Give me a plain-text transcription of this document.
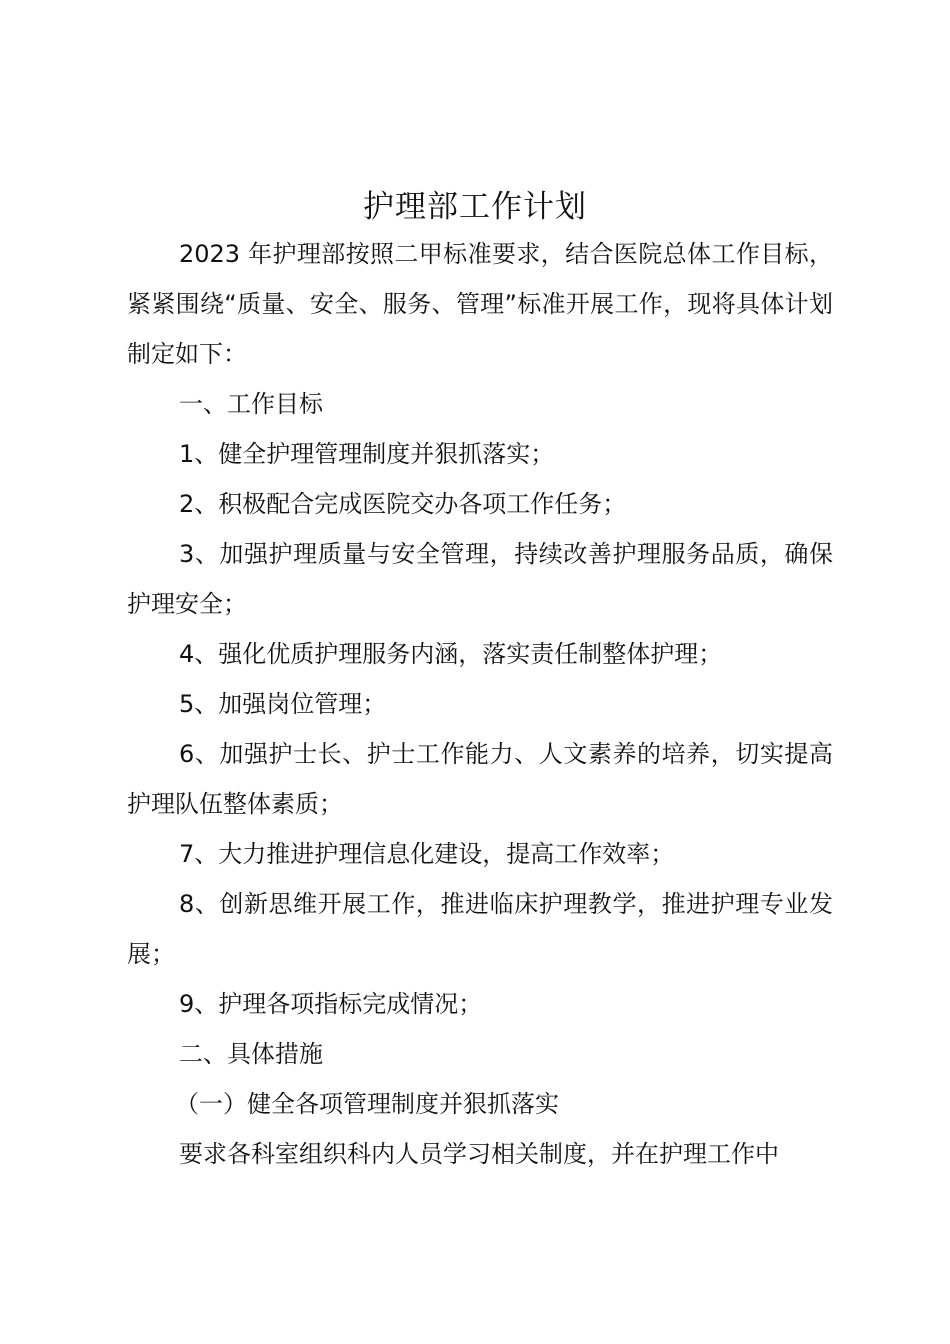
护理部工作计划

2023 年护理部按照二甲标准要求，结合医院总体工作目标，紧紧围绕“质量、安全、服务、管理”标准开展工作，现将具体计划制定如下：

一、工作目标

1、健全护理管理制度并狠抓落实；

2、积极配合完成医院交办各项工作任务；

3、加强护理质量与安全管理，持续改善护理服务品质，确保护理安全；

4、强化优质护理服务内涵，落实责任制整体护理；

5、加强岗位管理；

6、加强护士长、护士工作能力、人文素养的培养，切实提高护理队伍整体素质；

7、大力推进护理信息化建设，提高工作效率；

8、创新思维开展工作，推进临床护理教学，推进护理专业发展；

9、护理各项指标完成情况；

二、具体措施

（一）健全各项管理制度并狠抓落实

要求各科室组织科内人员学习相关制度，并在护理工作中
